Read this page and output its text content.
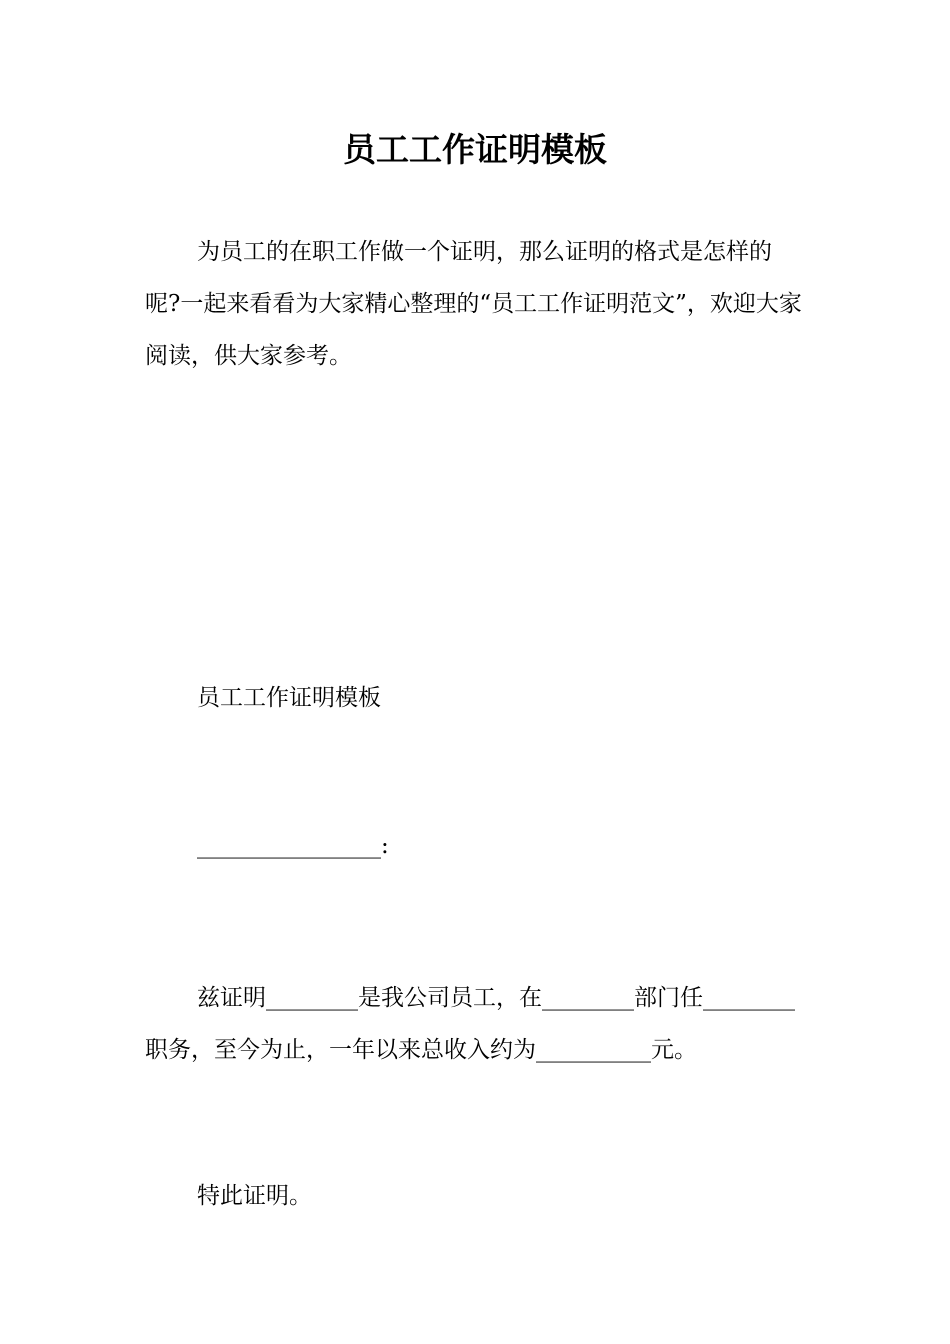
员工工作证明模板

为员工的在职工作做一个证明，那么证明的格式是怎样的呢?一起来看看为大家精心整理的“员工工作证明范文”，欢迎大家阅读，供大家参考。

员工工作证明模板

________________:

兹证明________是我公司员工，在________部门任________职务，至今为止，一年以来总收入约为__________元。

特此证明。
